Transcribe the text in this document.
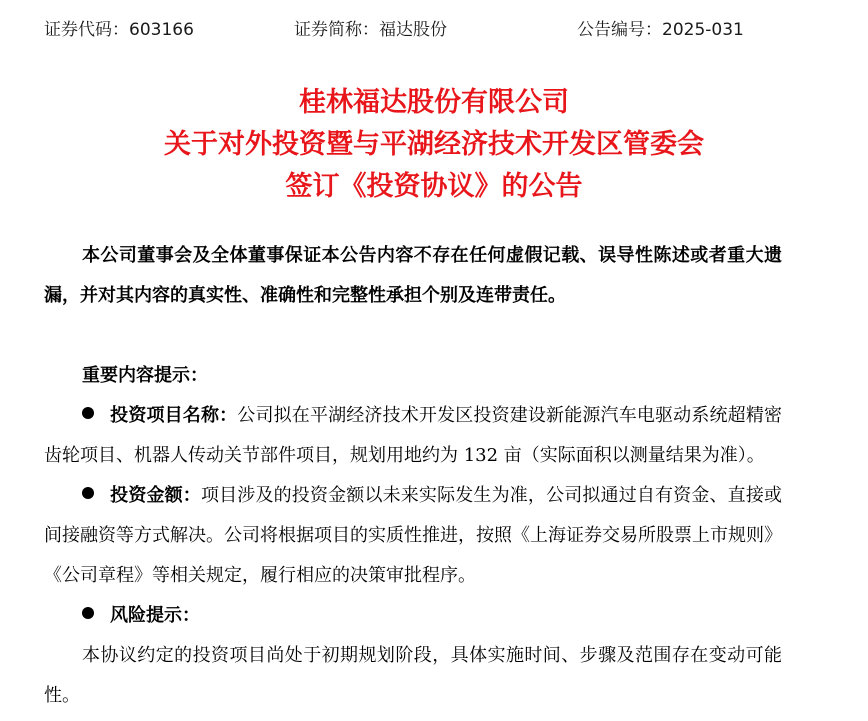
证券代码：603166	证券简称：福达股份	公告编号：2025-031
桂林福达股份有限公司
关于对外投资暨与平湖经济技术开发区管委会
签订《投资协议》的公告

本公司董事会及全体董事保证本公告内容不存在任何虚假记载、误导性陈述或者重大遗漏，并对其内容的真实性、准确性和完整性承担个别及连带责任。

重要内容提示：

投资项目名称：公司拟在平湖经济技术开发区投资建设新能源汽车电驱动系统超精密齿轮项目、机器人传动关节部件项目，规划用地约为 132 亩（实际面积以测量结果为准）。

投资金额：项目涉及的投资金额以未来实际发生为准，公司拟通过自有资金、直接或间接融资等方式解决。公司将根据项目的实质性推进，按照《上海证券交易所股票上市规则》《公司章程》等相关规定，履行相应的决策审批程序。

风险提示：

本协议约定的投资项目尚处于初期规划阶段，具体实施时间、步骤及范围存在变动可能性。
